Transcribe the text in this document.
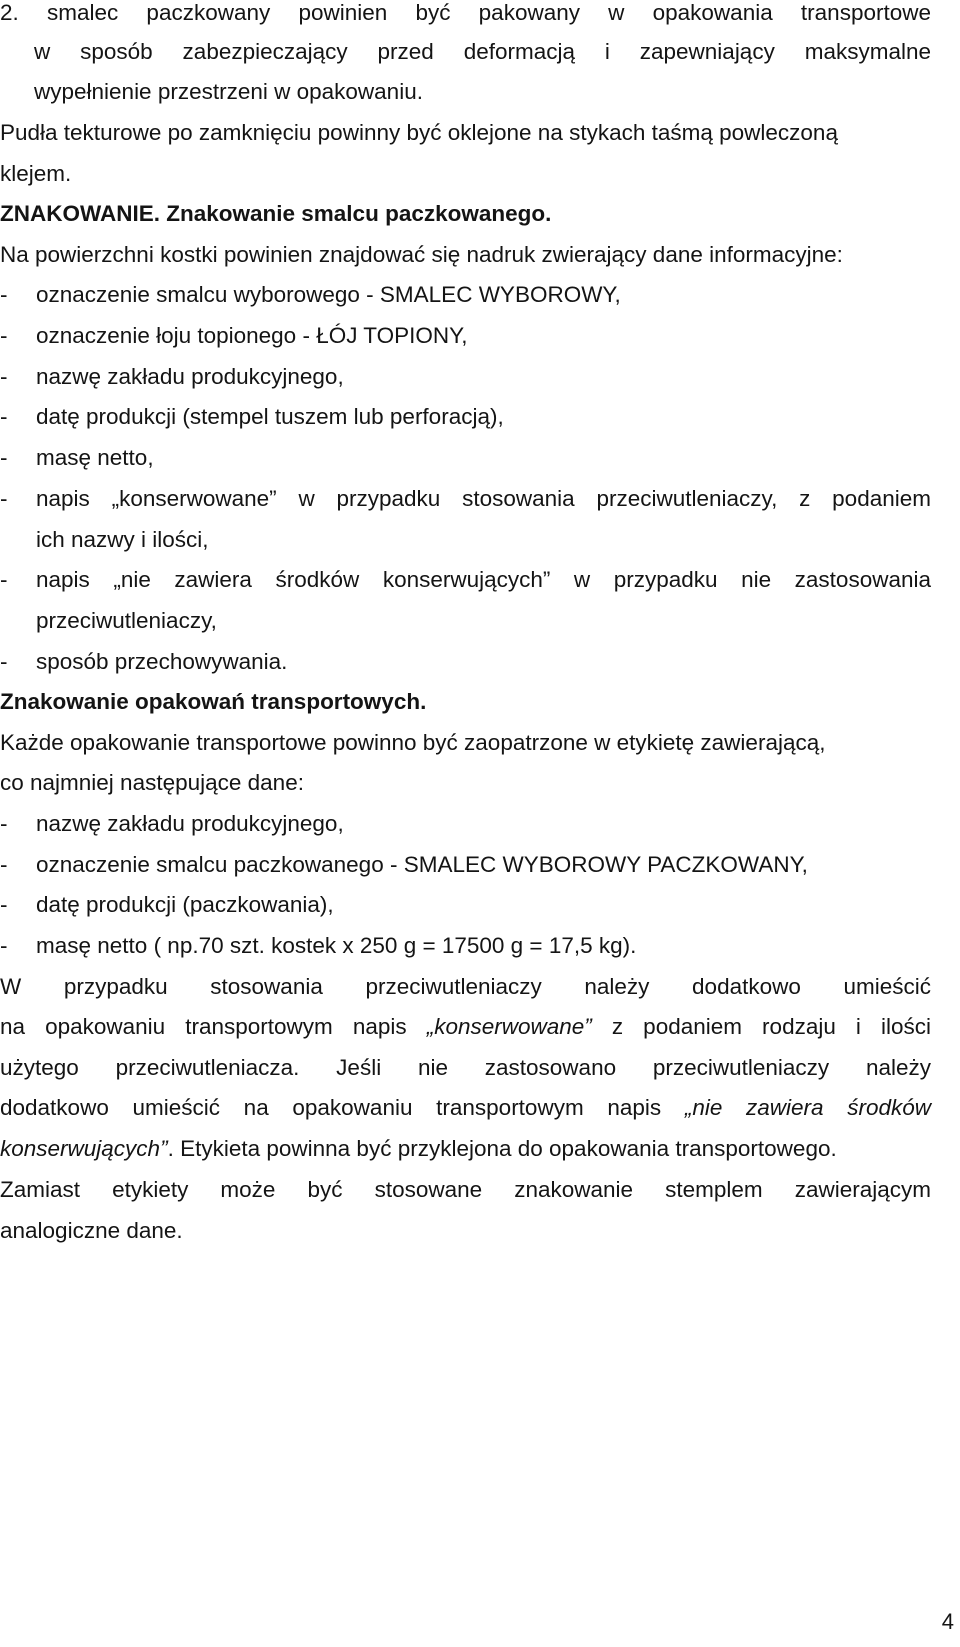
2. smalec paczkowany powinien być pakowany w opakowania transportowe

w sposób zabezpieczający przed deformacją i zapewniający maksymalne

wypełnienie przestrzeni w opakowaniu.

Pudła tekturowe po zamknięciu powinny być oklejone na stykach taśmą powleczoną

klejem.

ZNAKOWANIE. Znakowanie smalcu paczkowanego.

Na powierzchni kostki powinien znajdować się nadruk zwierający dane informacyjne:

-	oznaczenie smalcu wyborowego - SMALEC WYBOROWY,
-	oznaczenie łoju topionego - ŁÓJ TOPIONY,
-	nazwę zakładu produkcyjnego,
-	datę produkcji (stempel tuszem lub perforacją),
-	masę netto,
-	napis „konserwowane” w przypadku stosowania przeciwutleniaczy, z podaniem

ich nazwy i ilości,

-	napis „nie zawiera środków konserwujących” w przypadku nie zastosowania

przeciwutleniaczy,

-	sposób przechowywania.

Znakowanie opakowań transportowych.

Każde opakowanie transportowe powinno być zaopatrzone w etykietę zawierającą,

co najmniej następujące dane:

-	nazwę zakładu produkcyjnego,
-	oznaczenie smalcu paczkowanego - SMALEC WYBOROWY PACZKOWANY,
-	datę produkcji (paczkowania),
-	masę netto ( np.70 szt. kostek x 250 g = 17500 g = 17,5 kg).

W przypadku stosowania przeciwutleniaczy należy dodatkowo umieścić

na opakowaniu transportowym napis „konserwowane” z podaniem rodzaju i ilości

użytego przeciwutleniacza. Jeśli nie zastosowano przeciwutleniaczy należy

dodatkowo umieścić na opakowaniu transportowym napis „nie zawiera środków

konserwujących”. Etykieta powinna być przyklejona do opakowania transportowego.

Zamiast etykiety może być stosowane znakowanie stemplem zawierającym

analogiczne dane.

4
